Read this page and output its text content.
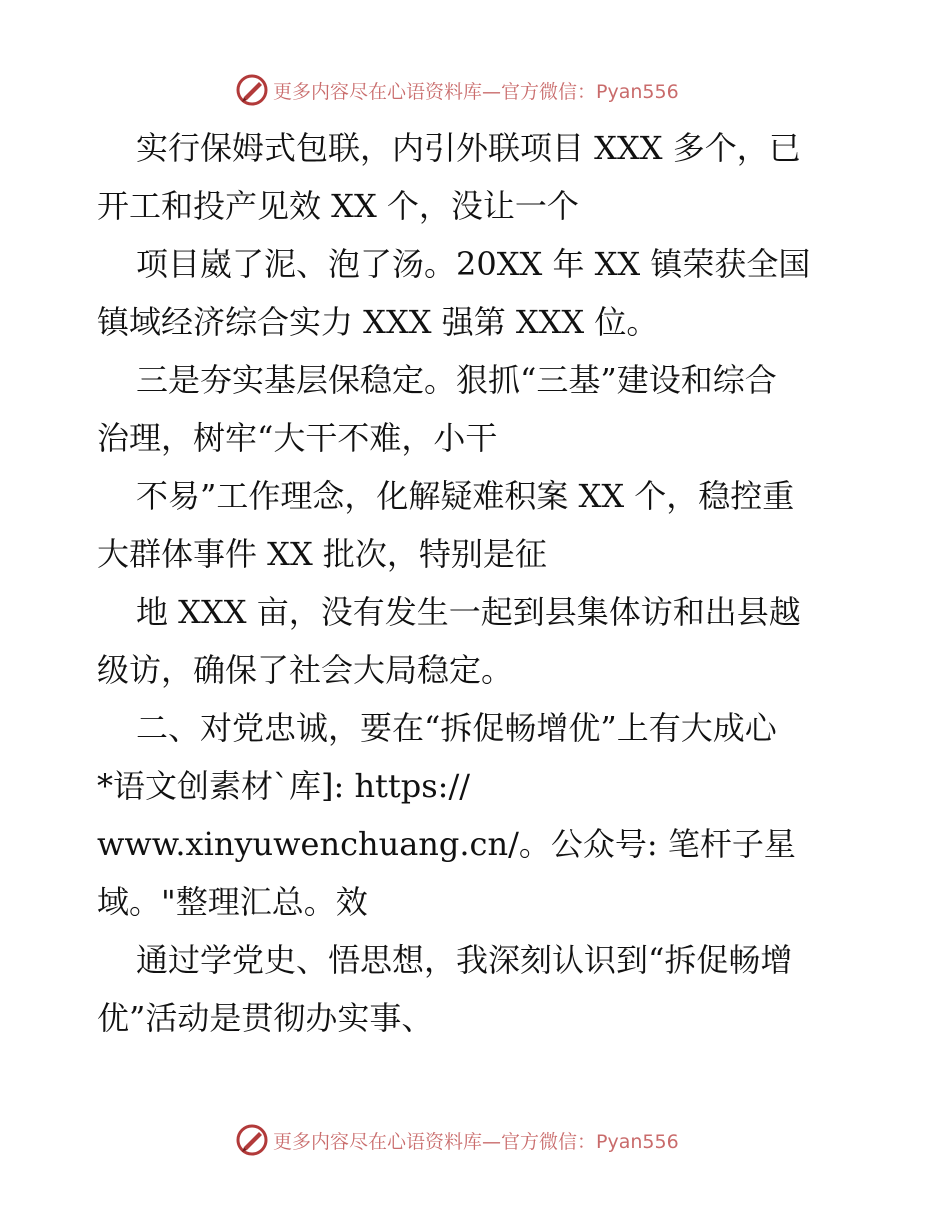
更多内容尽在心语资料库—官方微信：Pyan556

实行保姆式包联，内引外联项目 XXX 多个，已

开工和投产见效 XX 个，没让一个

项目崴了泥、泡了汤。20XX 年 XX 镇荣获全国

镇域经济综合实力 XXX 强第 XXX 位。

三是夯实基层保稳定。狠抓“三基”建设和综合

治理，树牢“大干不难，小干

不易”工作理念，化解疑难积案 XX 个，稳控重

大群体事件 XX 批次，特别是征

地 XXX 亩，没有发生一起到县集体访和出县越

级访，确保了社会大局稳定。

二、对党忠诚，要在“拆促畅增优”上有大成心

*语文创素材`库]: https://

www.xinyuwenchuang.cn/。公众号: 笔杆子星

域。"整理汇总。效

通过学党史、悟思想，我深刻认识到“拆促畅增

优”活动是贯彻办实事、

更多内容尽在心语资料库—官方微信：Pyan556
